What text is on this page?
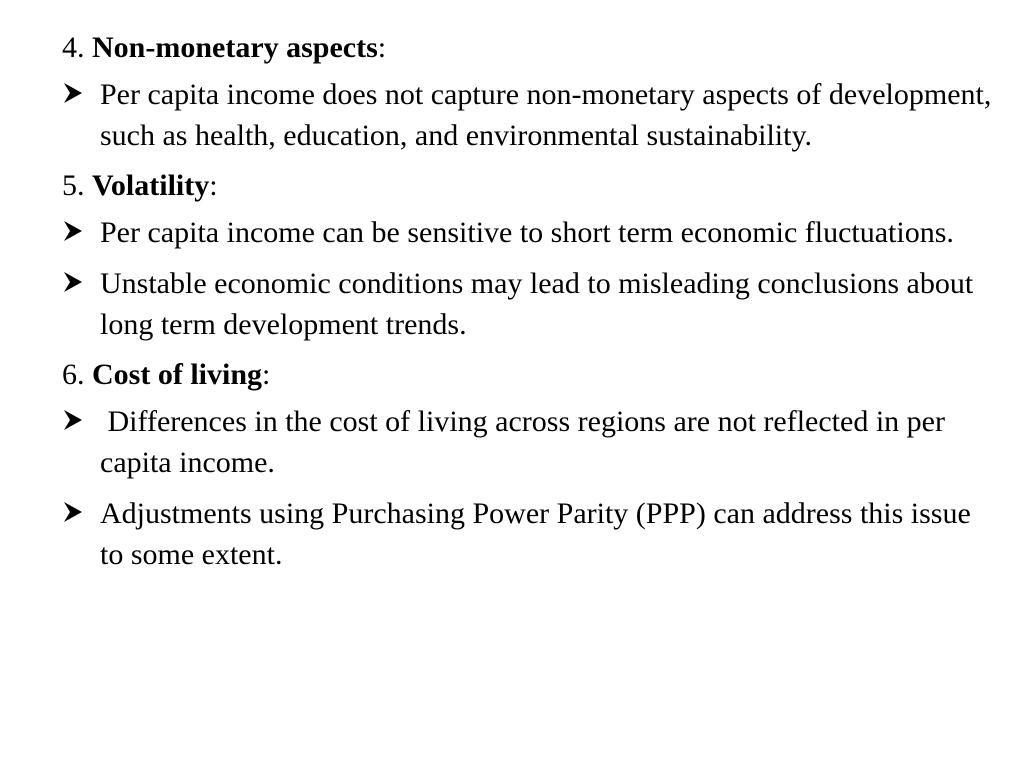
4. Non-monetary aspects:
Per capita income does not capture non-monetary aspects of development, such as health, education, and environmental sustainability.
5. Volatility:
Per capita income can be sensitive to short term economic fluctuations.
Unstable economic conditions may lead to misleading conclusions about long term development trends.
6. Cost of living:
Differences in the cost of living across regions are not reflected in per capita income.
Adjustments using Purchasing Power Parity (PPP) can address this issue to some extent.
